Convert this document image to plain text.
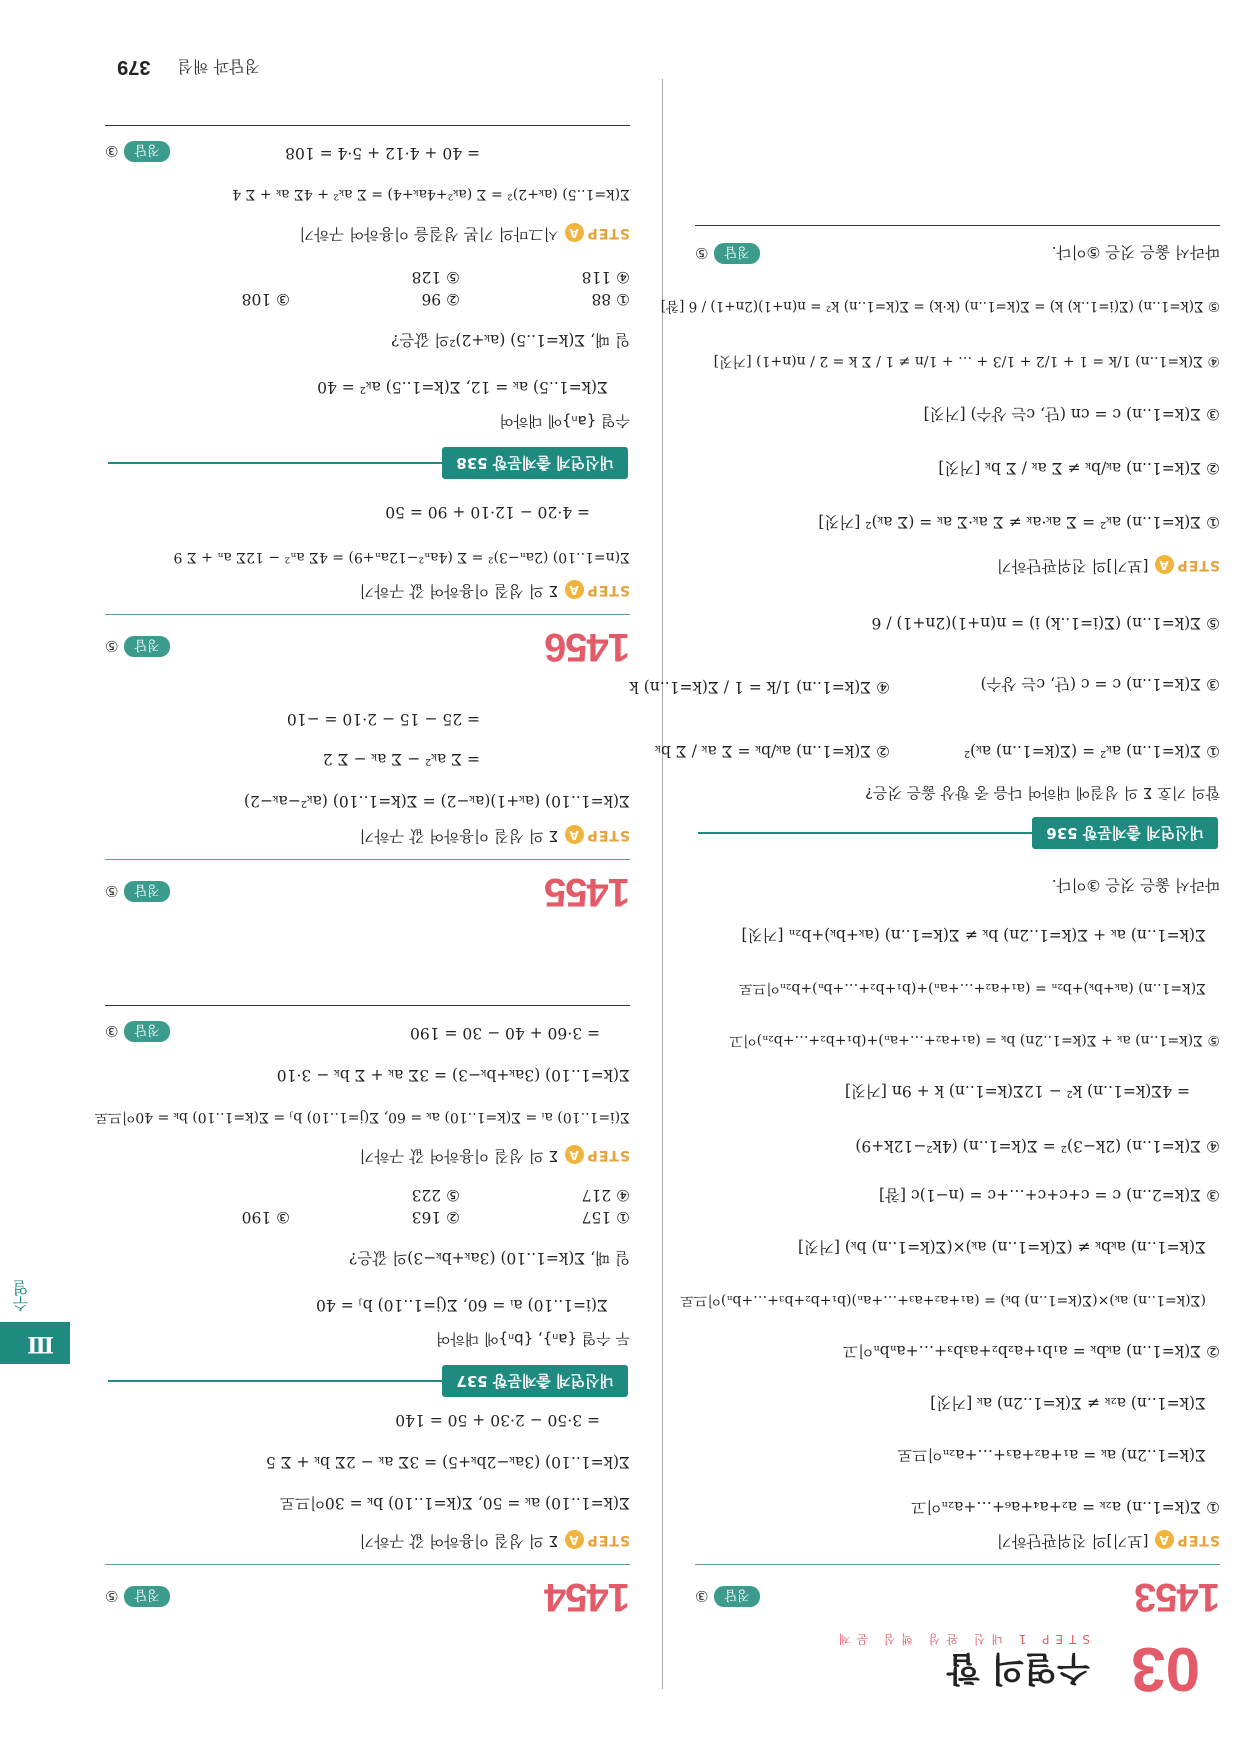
03
수열의 합
STEP 1 내신 완성 핵심 문제
정답과 해설 379
Ⅲ
수열
1453
정답③
STEPA[보기]의 진위판단하기
① Σ(k=1..n) a₂ₖ = a₂+a₄+a₆+…+a₂ₙ이고
Σ(k=1..2n) aₖ = a₁+a₂+a₃+…+a₂ₙ이므로
Σ(k=1..n) a₂ₖ ≠ Σ(k=1..2n) aₖ [거짓]
② Σ(k=1..n) aₖbₖ = a₁b₁+a₂b₂+a₃b₃+…+aₙbₙ이고
(Σ(k=1..n) aₖ)×(Σ(k=1..n) bₖ) = (a₁+a₂+a₃+…+aₙ)(b₁+b₂+b₃+…+bₙ)이므로
Σ(k=1..n) aₖbₖ ≠ (Σ(k=1..n) aₖ)×(Σ(k=1..n) bₖ) [거짓]
③ Σ(k=2..n) c = c+c+c+…+c = (n−1)c [참]
④ Σ(k=1..n) (2k−3)² = Σ(k=1..n) (4k²−12k+9)
= 4Σ(k=1..n) k² − 12Σ(k=1..n) k + 9n [거짓]
⑤ Σ(k=1..n) aₖ + Σ(k=1..2n) bₖ = (a₁+a₂+…+aₙ)+(b₁+b₂+…+b₂ₙ)이고
Σ(k=1..n) (aₖ+bₖ)+b₂ₙ = (a₁+a₂+…+aₙ)+(b₁+b₂+…+bₙ)+b₂ₙ이므로
Σ(k=1..n) aₖ + Σ(k=1..2n) bₖ ≠ Σ(k=1..n) (aₖ+bₖ)+b₂ₙ [거짓]
따라서 옳은 것은 ③이다.
내신연계 출제문항 536
합의 기호 Σ 의 성질에 대하여 다음 중 항상 옳은 것은?
① Σ(k=1..n) aₖ² = (Σ(k=1..n) aₖ)²
② Σ(k=1..n) aₖ/bₖ = Σ aₖ / Σ bₖ
③ Σ(k=1..n) c = c (단, c는 상수)
④ Σ(k=1..n) 1/k = 1 / Σ(k=1..n) k
⑤ Σ(k=1..n) (Σ(i=1..k) i) = n(n+1)(2n+1) / 6
STEPA[보기]의 진위판단하기
① Σ(k=1..n) aₖ² = Σ aₖ·aₖ ≠ Σ aₖ·Σ aₖ = (Σ aₖ)² [거짓]
② Σ(k=1..n) aₖ/bₖ ≠ Σ aₖ / Σ bₖ [거짓]
③ Σ(k=1..n) c = cn (단, c는 상수) [거짓]
④ Σ(k=1..n) 1/k = 1 + 1/2 + 1/3 + … + 1/n ≠ 1 / Σ k = 2 / n(n+1) [거짓]
⑤ Σ(k=1..n) (Σ(i=1..k) k) = Σ(k=1..n) (k·k) = Σ(k=1..n) k² = n(n+1)(2n+1) / 6 [참]
따라서 옳은 것은 ⑤이다.
정답⑤
1454
정답⑤
STEPAΣ 의 성질 이용하여 값 구하기
Σ(k=1..10) aₖ = 50, Σ(k=1..10) bₖ = 30이므로
Σ(k=1..10) (3aₖ−2bₖ+5) = 3Σ aₖ − 2Σ bₖ + Σ 5
= 3·50 − 2·30 + 50 = 140
내신연계 출제문항 537
두 수열 {aₙ}, {bₙ}에 대하여
Σ(i=1..10) aᵢ = 60, Σ(j=1..10) bⱼ = 40
일 때, Σ(k=1..10) (3aₖ+bₖ−3)의 값은?
① 157
② 163
③ 190
④ 217
⑤ 223
STEPAΣ 의 성질 이용하여 값 구하기
Σ(i=1..10) aᵢ = Σ(k=1..10) aₖ = 60, Σ(j=1..10) bⱼ = Σ(k=1..10) bₖ = 40이므로
Σ(k=1..10) (3aₖ+bₖ−3) = 3Σ aₖ + Σ bₖ − 3·10
= 3·60 + 40 − 30 = 190
정답③
1455
정답⑤
STEPAΣ 의 성질 이용하여 값 구하기
Σ(k=1..10) (aₖ+1)(aₖ−2) = Σ(k=1..10) (aₖ²−aₖ−2)
= Σ aₖ² − Σ aₖ − Σ 2
= 25 − 15 − 2·10 = −10
1456
정답⑤
STEPAΣ 의 성질 이용하여 값 구하기
Σ(n=1..10) (2aₙ−3)² = Σ (4aₙ²−12aₙ+9) = 4Σ aₙ² − 12Σ aₙ + Σ 9
= 4·20 − 12·10 + 90 = 50
내신연계 출제문항 538
수열 {aₙ}에 대하여
Σ(k=1..5) aₖ = 12, Σ(k=1..5) aₖ² = 40
일 때, Σ(k=1..5) (aₖ+2)²의 값은?
① 88
② 96
③ 108
④ 118
⑤ 128
STEPA시그마의 기본 성질을 이용하여 구하기
Σ(k=1..5) (aₖ+2)² = Σ (aₖ²+4aₖ+4) = Σ aₖ² + 4Σ aₖ + Σ 4
= 40 + 4·12 + 5·4 = 108
정답③
